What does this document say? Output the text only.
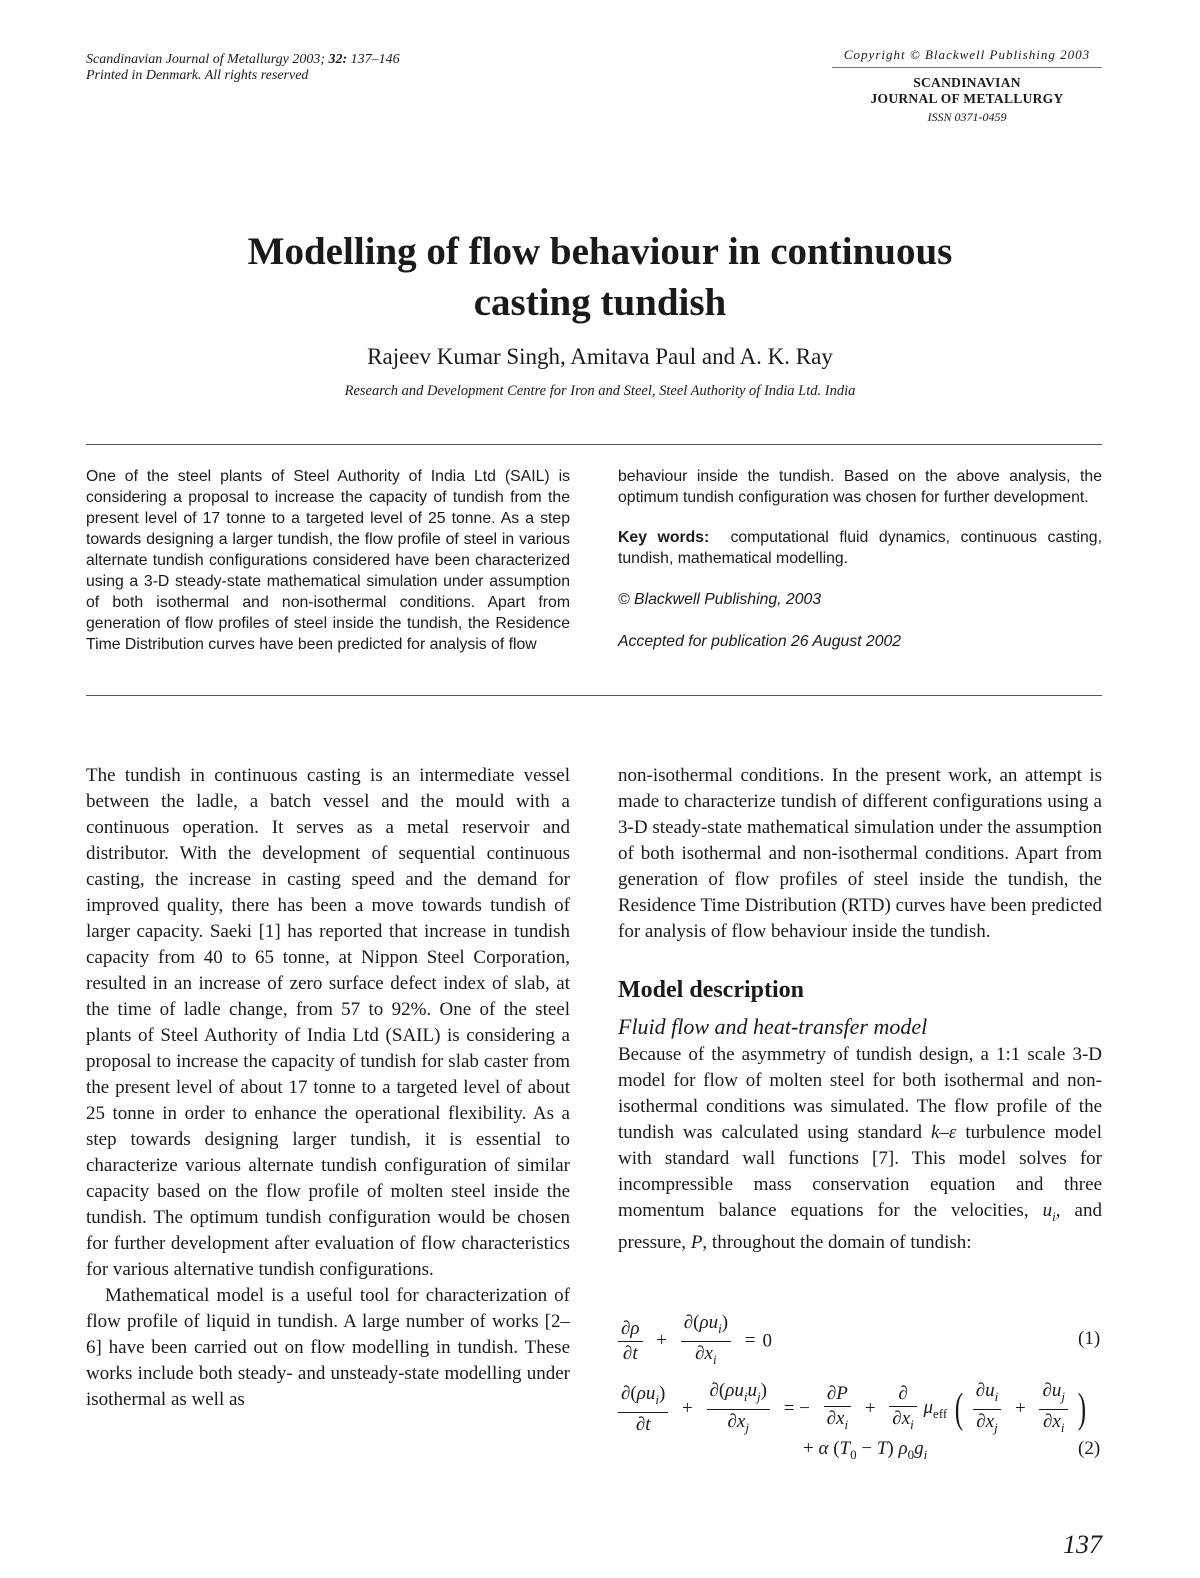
Scandinavian Journal of Metallurgy 2003; 32: 137–146
Printed in Denmark. All rights reserved
Copyright © Blackwell Publishing 2003
SCANDINAVIAN
JOURNAL OF METALLURGY
ISSN 0371-0459
Modelling of flow behaviour in continuous
casting tundish
Rajeev Kumar Singh, Amitava Paul and A. K. Ray
Research and Development Centre for Iron and Steel, Steel Authority of India Ltd. India

One of the steel plants of Steel Authority of India Ltd (SAIL) is considering a proposal to increase the capacity of tundish from the present level of 17 tonne to a targeted level of 25 tonne. As a step towards designing a larger tundish, the flow profile of steel in various alternate tundish configurations considered have been characterized using a 3-D steady-state mathematical simulation under assumption of both isothermal and non-isothermal conditions. Apart from generation of flow profiles of steel inside the tundish, the Residence Time Distribution curves have been predicted for analysis of flow

behaviour inside the tundish. Based on the above analysis, the optimum tundish configuration was chosen for further development.

Key words: computational fluid dynamics, continuous casting, tundish, mathematical modelling.

© Blackwell Publishing, 2003

Accepted for publication 26 August 2002

The tundish in continuous casting is an intermediate vessel between the ladle, a batch vessel and the mould with a continuous operation. It serves as a metal reservoir and distributor. With the development of sequential continuous casting, the increase in casting speed and the demand for improved quality, there has been a move towards tundish of larger capacity. Saeki [1] has reported that increase in tundish capacity from 40 to 65 tonne, at Nippon Steel Corporation, resulted in an increase of zero surface defect index of slab, at the time of ladle change, from 57 to 92%. One of the steel plants of Steel Authority of India Ltd (SAIL) is considering a proposal to increase the capacity of tundish for slab caster from the present level of about 17 tonne to a targeted level of about 25 tonne in order to enhance the operational flexibility. As a step towards designing larger tundish, it is essential to characterize various alternate tundish configuration of similar capacity based on the flow profile of molten steel inside the tundish. The optimum tundish configuration would be chosen for further development after evaluation of flow characteristics for various alternative tundish configurations.

Mathematical model is a useful tool for characterization of flow profile of liquid in tundish. A large number of works [2–6] have been carried out on flow modelling in tundish. These works include both steady- and unsteady-state modelling under isothermal as well as

non-isothermal conditions. In the present work, an attempt is made to characterize tundish of different configurations using a 3-D steady-state mathematical simulation under the assumption of both isothermal and non-isothermal conditions. Apart from generation of flow profiles of steel inside the tundish, the Residence Time Distribution (RTD) curves have been predicted for analysis of flow behaviour inside the tundish.

Model description

Fluid flow and heat-transfer model

Because of the asymmetry of tundish design, a 1:1 scale 3-D model for flow of molten steel for both isothermal and non-isothermal conditions was simulated. The flow profile of the tundish was calculated using standard k–ε turbulence model with standard wall functions [7]. This model solves for incompressible mass conservation equation and three momentum balance equations for the velocities, $u_i$, and pressure, P, throughout the domain of tundish:

$\frac{\partial\rho}{\partial t} + \frac{\partial(\rho u_i)}{\partial x_i} = 0$	(1)
$\frac{\partial(\rho u_i)}{\partial t} + \frac{\partial(\rho u_iu_j)}{\partial x_j}$ = − $\frac{\partial P}{\partial x_i} + \frac{\partial}{\partial x_i} \mu_{eff}$ ( $\frac{\partial u_i}{\partial x_j} + \frac{\partial u_j}{\partial x_i}$ )
+ α $(T_0 - T)$ $\rho_0g_i$	(2)
137
